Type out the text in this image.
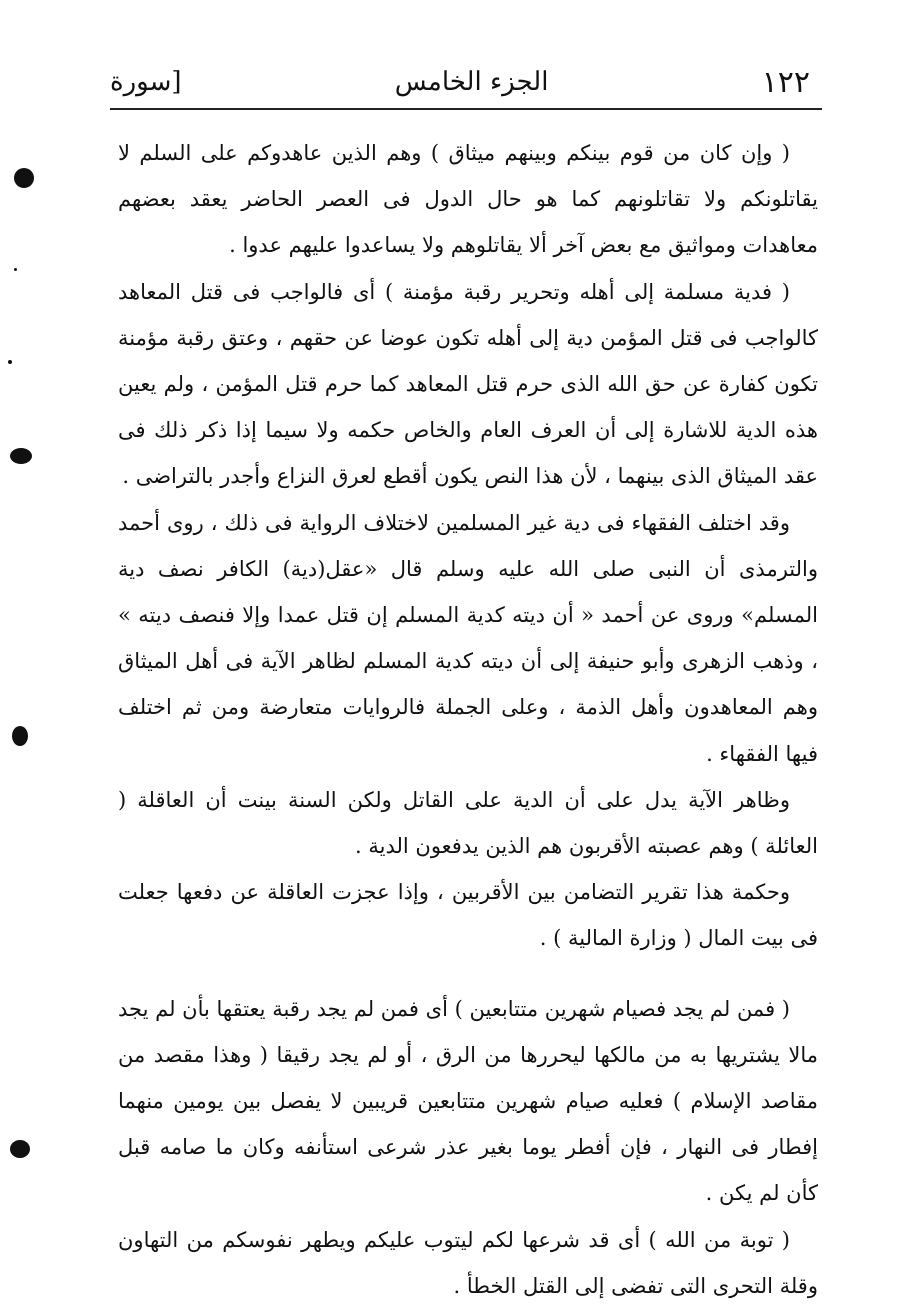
١٢٢
الجزء الخامس
[سورة

( وإن كان من قوم بينكم وبينهم ميثاق ) وهم الذين عاهدوكم على السلم لا يقاتلونكم ولا تقاتلونهم كما هو حال الدول فى العصر الحاضر يعقد بعضهم معاهدات ومواثيق مع بعض آخر ألا يقاتلوهم ولا يساعدوا عليهم عدوا .

( فدية مسلمة إلى أهله وتحرير رقبة مؤمنة ) أى فالواجب فى قتل المعاهد كالواجب فى قتل المؤمن دية إلى أهله تكون عوضا عن حقهم ، وعتق رقبة مؤمنة تكون كفارة عن حق الله الذى حرم قتل المعاهد كما حرم قتل المؤمن ، ولم يعين هذه الدية للاشارة إلى أن العرف العام والخاص حكمه ولا سيما إذا ذكر ذلك فى عقد الميثاق الذى بينهما ، لأن هذا النص يكون أقطع لعرق النزاع وأجدر بالتراضى .

وقد اختلف الفقهاء فى دية غير المسلمين لاختلاف الرواية فى ذلك ، روى أحمد والترمذى أن النبى صلى الله عليه وسلم قال «عقل(دية) الكافر نصف دية المسلم» وروى عن أحمد « أن ديته كدية المسلم إن قتل عمدا وإلا فنصف ديته » ، وذهب الزهرى وأبو حنيفة إلى أن ديته كدية المسلم لظاهر الآية فى أهل الميثاق وهم المعاهدون وأهل الذمة ، وعلى الجملة فالروايات متعارضة ومن ثم اختلف فيها الفقهاء .

وظاهر الآية يدل على أن الدية على القاتل ولكن السنة بينت أن العاقلة ( العائلة ) وهم عصبته الأقربون هم الذين يدفعون الدية .

وحكمة هذا تقرير التضامن بين الأقربين ، وإذا عجزت العاقلة عن دفعها جعلت فى بيت المال ( وزارة المالية ) .

( فمن لم يجد فصيام شهرين متتابعين ) أى فمن لم يجد رقبة يعتقها بأن لم يجد مالا يشتريها به من مالكها ليحررها من الرق ، أو لم يجد رقيقا ( وهذا مقصد من مقاصد الإسلام ) فعليه صيام شهرين متتابعين قريبين لا يفصل بين يومين منهما إفطار فى النهار ، فإن أفطر يوما بغير عذر شرعى استأنفه وكان ما صامه قبل كأن لم يكن .

( توبة من الله ) أى قد شرعها لكم ليتوب عليكم ويطهر نفوسكم من التهاون وقلة التحرى التى تفضى إلى القتل الخطأ .
